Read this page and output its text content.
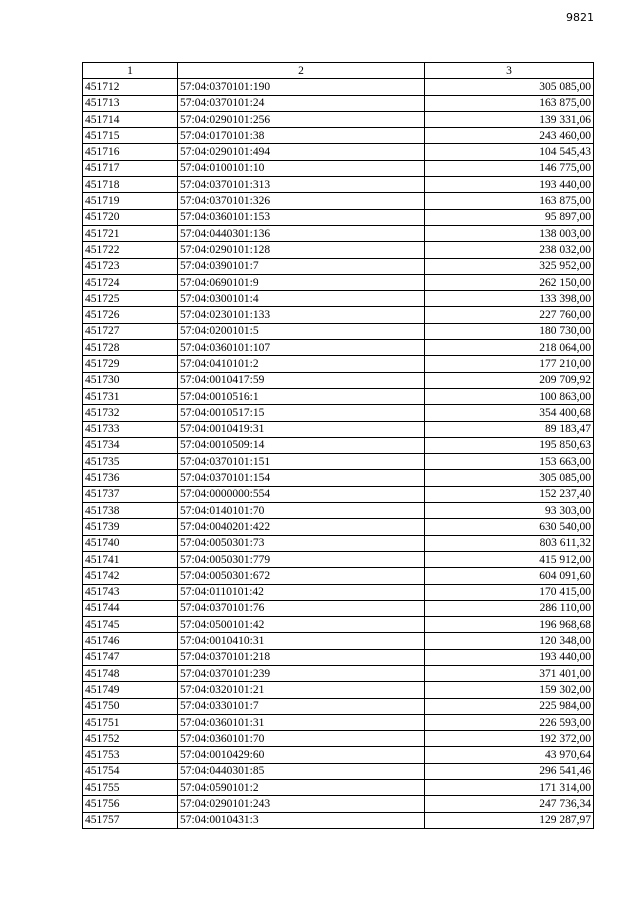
9821
1	2	3
451712	57:04:0370101:190	305 085,00
451713	57:04:0370101:24	163 875,00
451714	57:04:0290101:256	139 331,06
451715	57:04:0170101:38	243 460,00
451716	57:04:0290101:494	104 545,43
451717	57:04:0100101:10	146 775,00
451718	57:04:0370101:313	193 440,00
451719	57:04:0370101:326	163 875,00
451720	57:04:0360101:153	95 897,00
451721	57:04:0440301:136	138 003,00
451722	57:04:0290101:128	238 032,00
451723	57:04:0390101:7	325 952,00
451724	57:04:0690101:9	262 150,00
451725	57:04:0300101:4	133 398,00
451726	57:04:0230101:133	227 760,00
451727	57:04:0200101:5	180 730,00
451728	57:04:0360101:107	218 064,00
451729	57:04:0410101:2	177 210,00
451730	57:04:0010417:59	209 709,92
451731	57:04:0010516:1	100 863,00
451732	57:04:0010517:15	354 400,68
451733	57:04:0010419:31	89 183,47
451734	57:04:0010509:14	195 850,63
451735	57:04:0370101:151	153 663,00
451736	57:04:0370101:154	305 085,00
451737	57:04:0000000:554	152 237,40
451738	57:04:0140101:70	93 303,00
451739	57:04:0040201:422	630 540,00
451740	57:04:0050301:73	803 611,32
451741	57:04:0050301:779	415 912,00
451742	57:04:0050301:672	604 091,60
451743	57:04:0110101:42	170 415,00
451744	57:04:0370101:76	286 110,00
451745	57:04:0500101:42	196 968,68
451746	57:04:0010410:31	120 348,00
451747	57:04:0370101:218	193 440,00
451748	57:04:0370101:239	371 401,00
451749	57:04:0320101:21	159 302,00
451750	57:04:0330101:7	225 984,00
451751	57:04:0360101:31	226 593,00
451752	57:04:0360101:70	192 372,00
451753	57:04:0010429:60	43 970,64
451754	57:04:0440301:85	296 541,46
451755	57:04:0590101:2	171 314,00
451756	57:04:0290101:243	247 736,34
451757	57:04:0010431:3	129 287,97
